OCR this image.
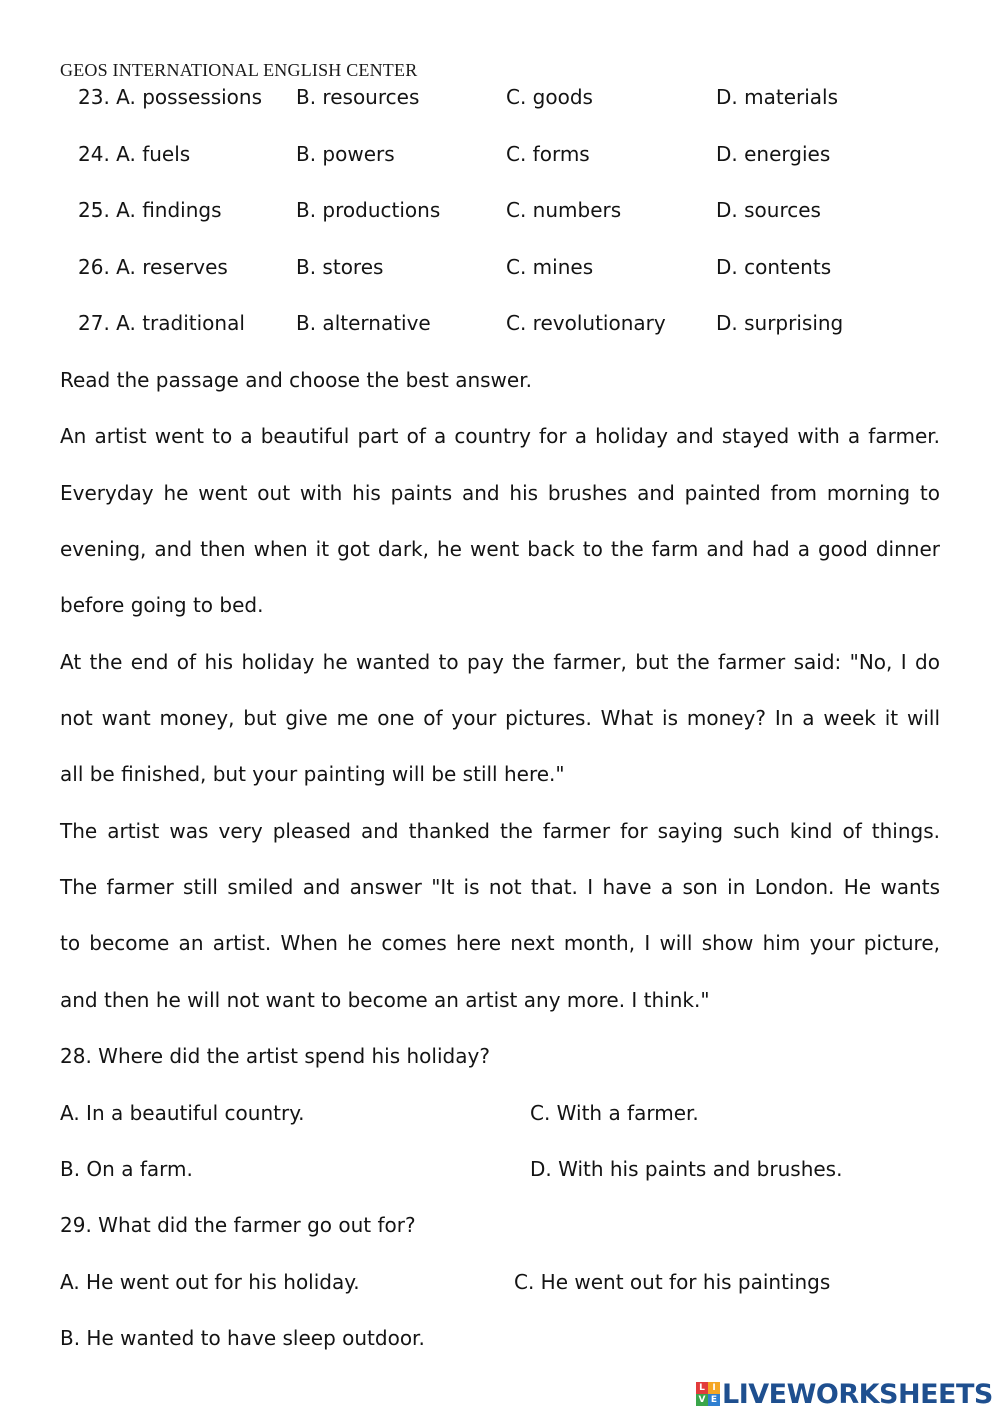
GEOS INTERNATIONAL ENGLISH CENTER
23. A. possessions B. resources	C. goods	D. materials
24. A. fuels	B. powers	C. forms	D. energies
25. A. findings	B. productions	C. numbers	D. sources
26. A. reserves	B. stores	C. mines	D. contents
27. A. traditional	B. alternative	C. revolutionary	D. surprising
Read the passage and choose the best answer.
An artist went to a beautiful part of a country for a holiday and stayed with a farmer.
Everyday he went out with his paints and his brushes and painted from morning to
evening, and then when it got dark, he went back to the farm and had a good dinner
before going to bed.
At the end of his holiday he wanted to pay the farmer, but the farmer said: "No, I do
not want money, but give me one of your pictures. What is money? In a week it will
all be finished, but your painting will be still here."
The artist was very pleased and thanked the farmer for saying such kind of things.
The farmer still smiled and answer "It is not that. I have a son in London. He wants
to become an artist. When he comes here next month, I will show him your picture,
and then he will not want to become an artist any more. I think."
28. Where did the artist spend his holiday?
A. In a beautiful country.	C. With a farmer.
B. On a farm.	D. With his paints and brushes.
29. What did the farmer go out for?
A. He went out for his holiday.	C. He went out for his paintings
B. He wanted to have sleep outdoor.
L I
V E LIVEWORKSHEETS
